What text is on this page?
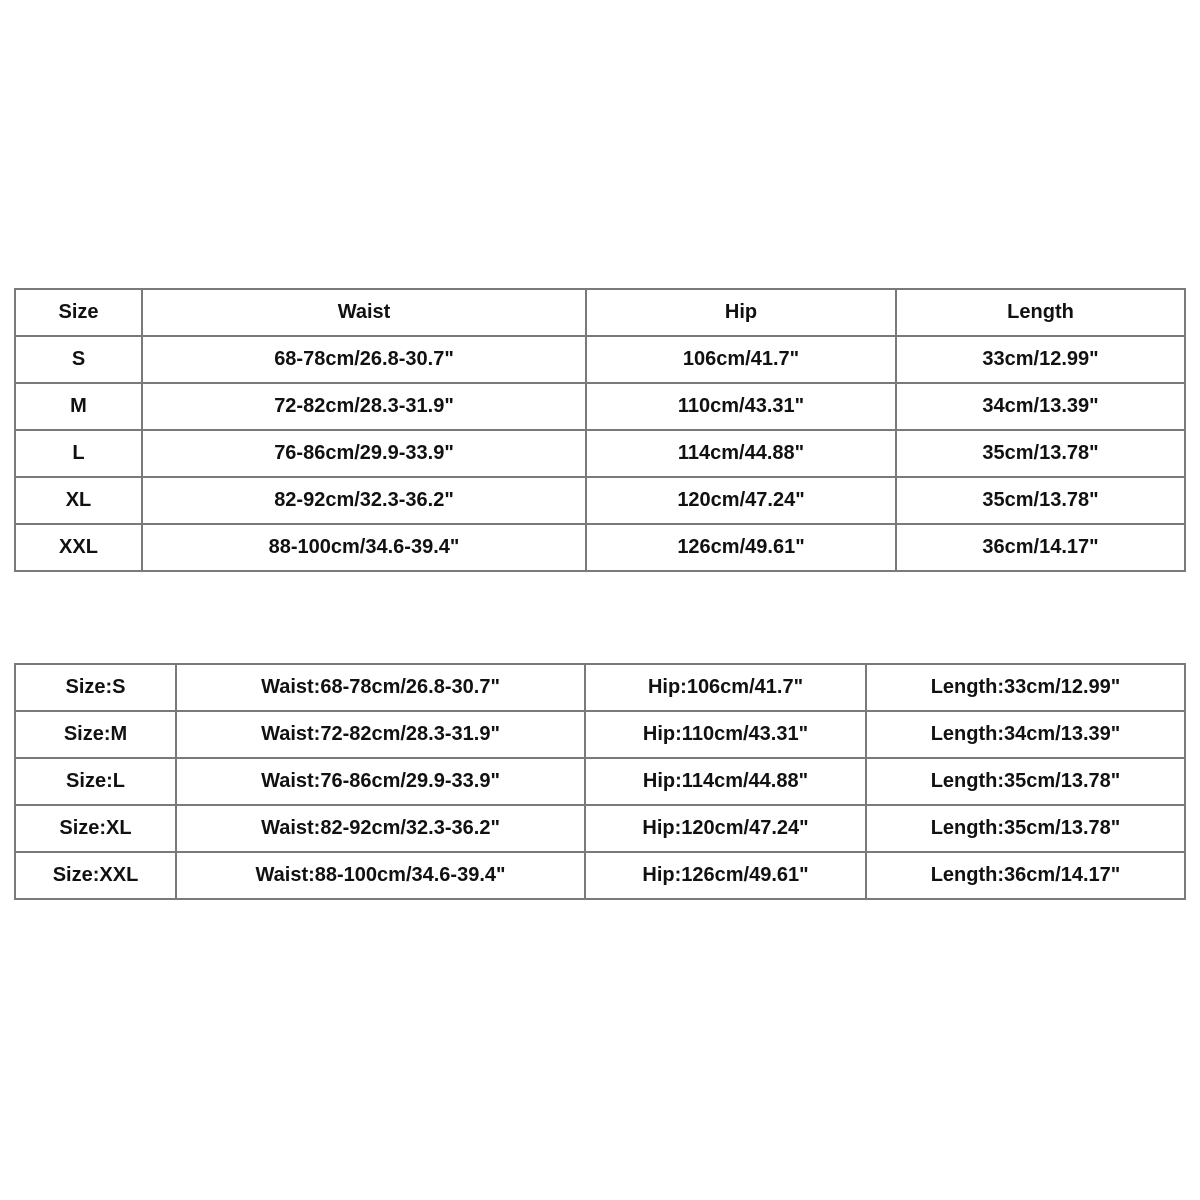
Size	Waist	Hip	Length
S	68-78cm/26.8-30.7"	106cm/41.7"	33cm/12.99"
M	72-82cm/28.3-31.9"	110cm/43.31"	34cm/13.39"
L	76-86cm/29.9-33.9"	114cm/44.88"	35cm/13.78"
XL	82-92cm/32.3-36.2"	120cm/47.24"	35cm/13.78"
XXL	88-100cm/34.6-39.4"	126cm/49.61"	36cm/14.17"
Size:S	Waist:68-78cm/26.8-30.7"	Hip:106cm/41.7"	Length:33cm/12.99"
Size:M	Waist:72-82cm/28.3-31.9"	Hip:110cm/43.31"	Length:34cm/13.39"
Size:L	Waist:76-86cm/29.9-33.9"	Hip:114cm/44.88"	Length:35cm/13.78"
Size:XL	Waist:82-92cm/32.3-36.2"	Hip:120cm/47.24"	Length:35cm/13.78"
Size:XXL	Waist:88-100cm/34.6-39.4"	Hip:126cm/49.61"	Length:36cm/14.17"
